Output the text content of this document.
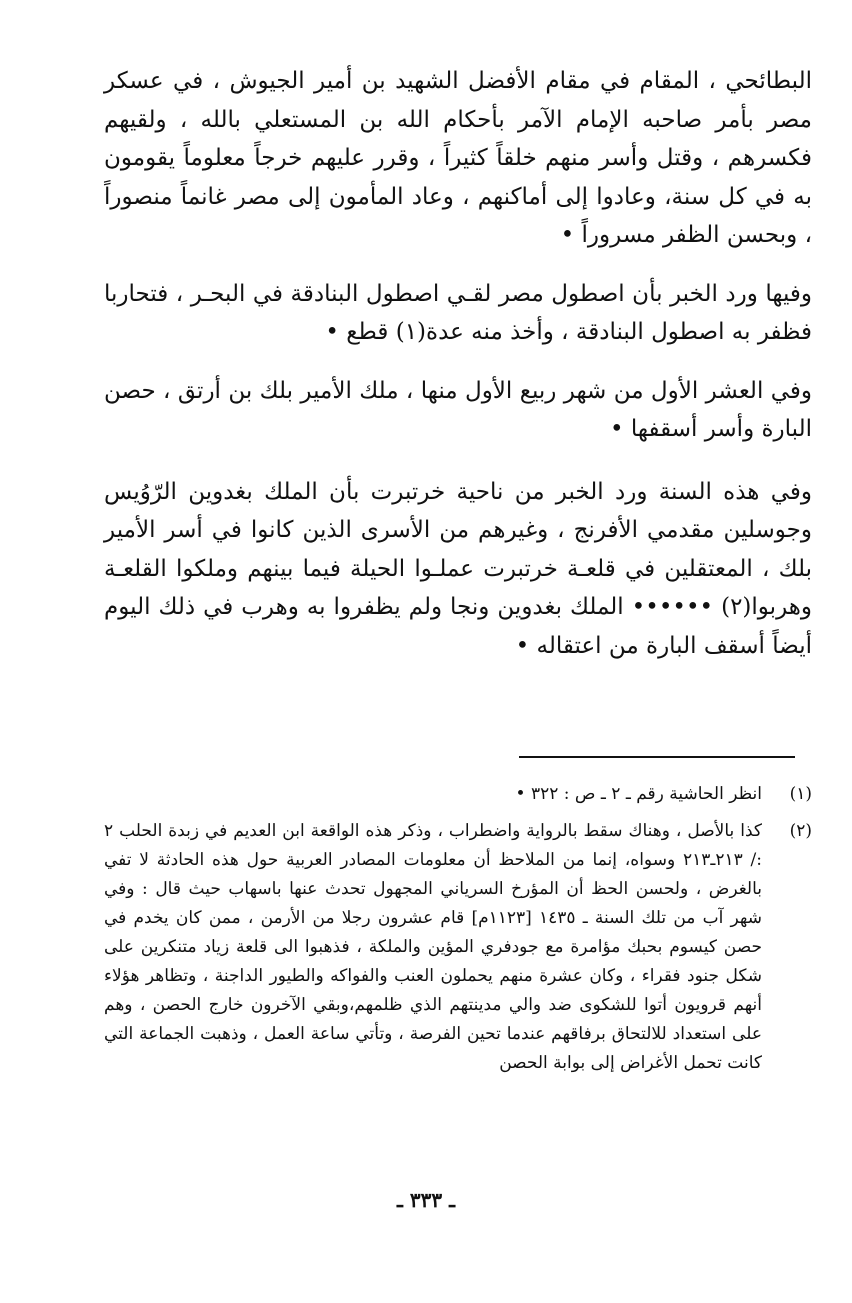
البطائحي ، المقام في مقام الأفضل الشهيد بن أمير الجيوش ، في عسكر مصر بأمر صاحبه الإمام الآمر بأحكام الله بن المستعلي بالله ، ولقيهم فكسرهم ، وقتل وأسر منهم خلقاً كثيراً ، وقرر عليهم خرجاً معلوماً يقومون به في كل سنة، وعادوا إلى أماكنهم ، وعاد المأمون إلى مصر غانماً منصوراً ، وبحسن الظفر مسروراً •

وفيها ورد الخبر بأن اصطول مصر لقـي اصطول البنادقة في البحـر ، فتحاربا فظفر به اصطول البنادقة ، وأخذ منه عدة(١) قطع •

وفي العشر الأول من شهر ربيع الأول منها ، ملك الأمير بلك بن أرتق ، حصن البارة وأسر أسقفها •

وفي هذه السنة ورد الخبر من ناحية خرتبرت بأن الملك بغدوين الرّوُيس وجوسلين مقدمي الأفرنج ، وغيرهم من الأسرى الذين كانوا في أسر الأمير بلك ، المعتقلين في قلعـة خرتبرت عملـوا الحيلة فيما بينهم وملكوا القلعـة وهربوا(٢) •••••• الملك بغدوين ونجا ولم يظفروا به وهرب في ذلك اليوم أيضاً أسقف البارة من اعتقاله •

(١)
انظر الحاشية رقم ـ ٢ ـ ص : ٣٢٢ •
(٢)
كذا بالأصل ، وهناك سقط بالرواية واضطراب ، وذكر هذه الواقعة ابن العديم في زبدة الحلب ٢ :/ ٢١٣ـ٢١٣ وسواه، إنما من الملاحظ أن معلومات المصادر العربية حول هذه الحادثة لا تفي بالغرض ، ولحسن الحظ أن المؤرخ السرياني المجهول تحدث عنها باسهاب حيث قال : وفي شهر آب من تلك السنة ـ ١٤٣٥ [١١٢٣م] قام عشرون رجلا من الأرمن ، ممن كان يخدم في حصن كيسوم بحبك مؤامرة مع جودفري المؤين والملكة ، فذهبوا الى قلعة زياد متنكرين على شكل جنود فقراء ، وكان عشرة منهم يحملون العنب والفواكه والطيور الداجنة ، وتظاهر هؤلاء أنهم قرويون أتوا للشكوى ضد والي مدينتهم الذي ظلمهم،وبقي الآخرون خارج الحصن ، وهم على استعداد للالتحاق برفاقهم عندما تحين الفرصة ، وتأتي ساعة العمل ، وذهبت الجماعة التي كانت تحمل الأغراض إلى بوابة الحصن
ـ ٣٣٣ ـ
